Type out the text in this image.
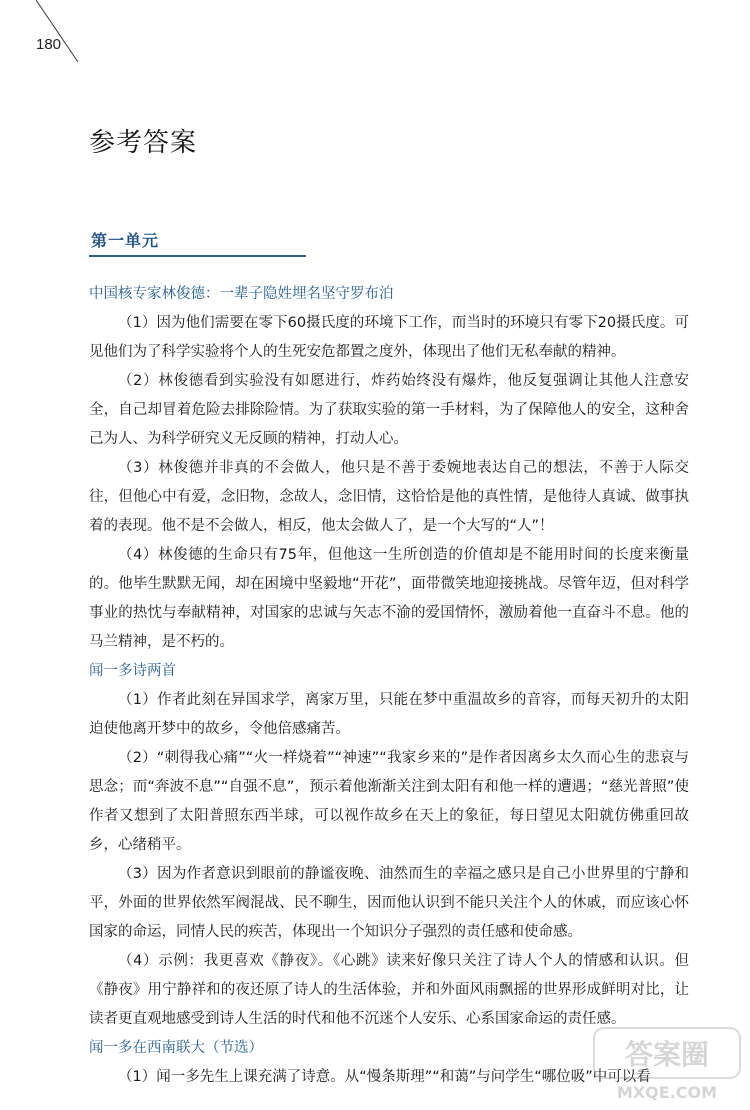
180
参考答案
第一单元
中国核专家林俊德：一辈子隐姓埋名坚守罗布泊

（1）因为他们需要在零下60摄氏度的环境下工作，而当时的环境只有零下20摄氏度。可见他们为了科学实验将个人的生死安危都置之度外，体现出了他们无私奉献的精神。

（2）林俊德看到实验没有如愿进行，炸药始终没有爆炸，他反复强调让其他人注意安全，自己却冒着危险去排除险情。为了获取实验的第一手材料，为了保障他人的安全，这种舍己为人、为科学研究义无反顾的精神，打动人心。

（3）林俊德并非真的不会做人，他只是不善于委婉地表达自己的想法，不善于人际交往，但他心中有爱，念旧物，念故人，念旧情，这恰恰是他的真性情，是他待人真诚、做事执着的表现。他不是不会做人，相反，他太会做人了，是一个大写的“人”！

（4）林俊德的生命只有75年，但他这一生所创造的价值却是不能用时间的长度来衡量的。他毕生默默无闻，却在困境中坚毅地“开花”，面带微笑地迎接挑战。尽管年迈，但对科学事业的热忱与奉献精神，对国家的忠诚与矢志不渝的爱国情怀，激励着他一直奋斗不息。他的马兰精神，是不朽的。

闻一多诗两首

（1）作者此刻在异国求学，离家万里，只能在梦中重温故乡的音容，而每天初升的太阳迫使他离开梦中的故乡，令他倍感痛苦。

（2）“刺得我心痛”“火一样烧着”“神速”“我家乡来的”是作者因离乡太久而心生的悲哀与思念；而“奔波不息”“自强不息”，预示着他渐渐关注到太阳有和他一样的遭遇；“慈光普照”使作者又想到了太阳普照东西半球，可以视作故乡在天上的象征，每日望见太阳就仿佛重回故乡，心绪稍平。

（3）因为作者意识到眼前的静谧夜晚、油然而生的幸福之感只是自己小世界里的宁静和平，外面的世界依然军阀混战、民不聊生，因而他认识到不能只关注个人的休戚，而应该心怀国家的命运，同情人民的疾苦，体现出一个知识分子强烈的责任感和使命感。

（4）示例：我更喜欢《静夜》。《心跳》读来好像只关注了诗人个人的情感和认识。但《静夜》用宁静祥和的夜还原了诗人的生活体验，并和外面风雨飘摇的世界形成鲜明对比，让读者更直观地感受到诗人生活的时代和他不沉迷个人安乐、心系国家命运的责任感。

闻一多在西南联大（节选）

（1）闻一多先生上课充满了诗意。从“慢条斯理”“和蔼”与问学生“哪位吸”中可以看

答案圈
MXQE.COM
